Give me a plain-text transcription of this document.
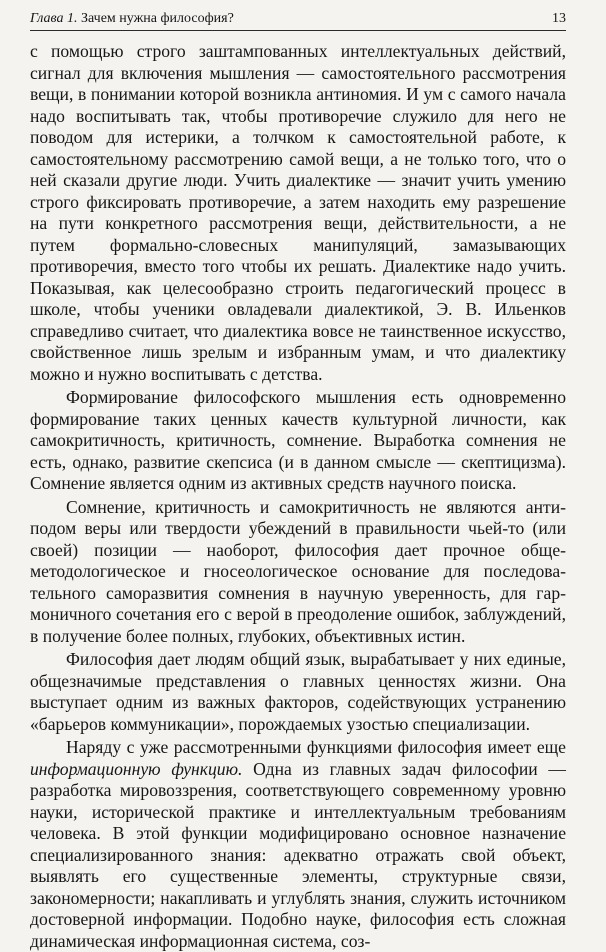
Глава 1. Зачем нужна философия?	13

с помощью строго заштампованных интеллектуальных действий, сигнал для включения мышления — самостоятельного рассмотрения вещи, в понимании которой возникла антиномия. И ум с самого начала надо воспитывать так, чтобы противоречие служило для него не поводом для истерики, а толчком к самостоятельной работе, к самостоятельному рассмотрению самой вещи, а не только того, что о ней сказали другие люди. Учить диалектике — значит учить умению строго фиксировать противоречие, а затем находить ему разрешение на пути конкретного рассмотрения вещи, действительности, а не путем формально-словесных манипуляций, замазывающих противоречия, вместо того чтобы их решать. Диалектике надо учить. Показывая, как целесообразно строить педагогический процесс в школе, чтобы ученики овладевали диалектикой, Э. В. Ильенков справедливо считает, что диалектика вовсе не таинственное искусство, свойственное лишь зрелым и избранным умам, и что диалектику можно и нужно воспитывать с детства.

Формирование философского мышления есть одновременно формирование таких ценных качеств культурной личности, как самокритичность, критичность, сомнение. Выработка сомнения не есть, однако, развитие скепсиса (и в данном смысле — скептицизма). Сомнение является одним из активных средств научного поиска.

Сомнение, критичность и самокритичность не являются антиподом веры или твердости убеждений в правильности чьей-то (или своей) позиции — наоборот, философия дает прочное общеметодологическое и гносеологическое основание для последовательного саморазвития сомнения в научную уверенность, для гармоничного сочетания его с верой в преодоление ошибок, заблуждений, в получение более полных, глубоких, объективных истин.

Философия дает людям общий язык, вырабатывает у них единые, общезначимые представления о главных ценностях жизни. Она выступает одним из важных факторов, содействующих устранению «барьеров коммуникации», порождаемых узостью специализации.

Наряду с уже рассмотренными функциями философия имеет еще информационную функцию. Одна из главных задач философии — разработка мировоззрения, соответствующего современному уровню науки, исторической практике и интеллектуальным требованиям человека. В этой функции модифицировано основное назначение специализированного знания: адекватно отражать свой объект, выявлять его существенные элементы, структурные связи, закономерности; накапливать и углублять знания, служить источником достоверной информации. Подобно науке, философия есть сложная динамическая информационная система, соз-
